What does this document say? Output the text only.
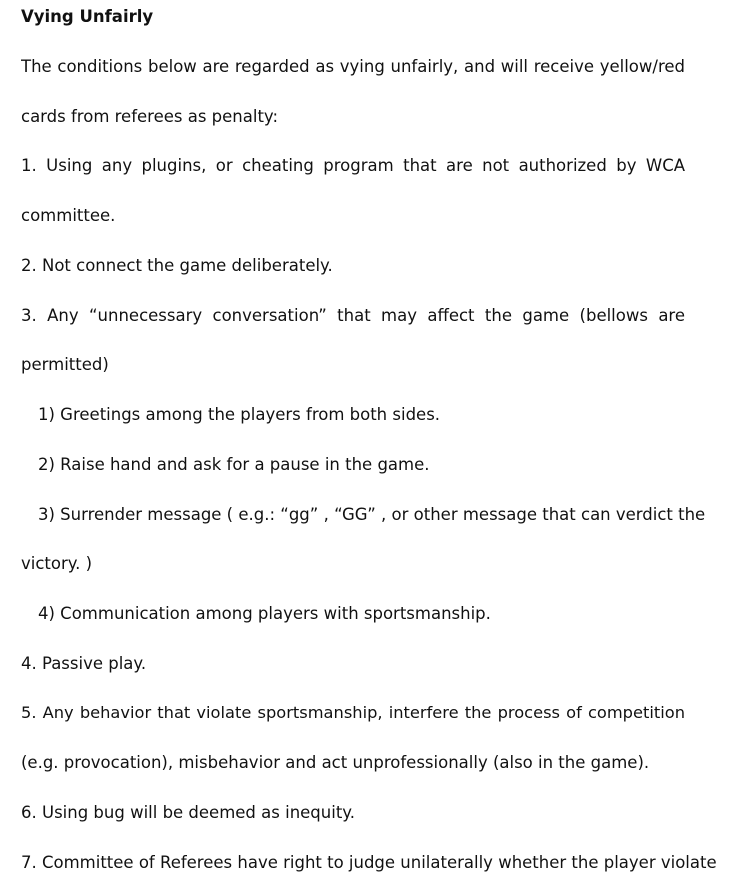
Vying Unfairly
The conditions below are regarded as vying unfairly, and will receive yellow/red
cards from referees as penalty:
1. Using any plugins, or cheating program that are not authorized by WCA
committee.
2. Not connect the game deliberately.
3. Any “unnecessary conversation” that may affect the game (bellows are
permitted)
1) Greetings among the players from both sides.
2) Raise hand and ask for a pause in the game.
3) Surrender message ( e.g.: “gg” , “GG” , or other message that can verdict the
victory. )
4) Communication among players with sportsmanship.
4. Passive play.
5. Any behavior that violate sportsmanship, interfere the process of competition
(e.g. provocation), misbehavior and act unprofessionally (also in the game).
6. Using bug will be deemed as inequity.
7. Committee of Referees have right to judge unilaterally whether the player violate
